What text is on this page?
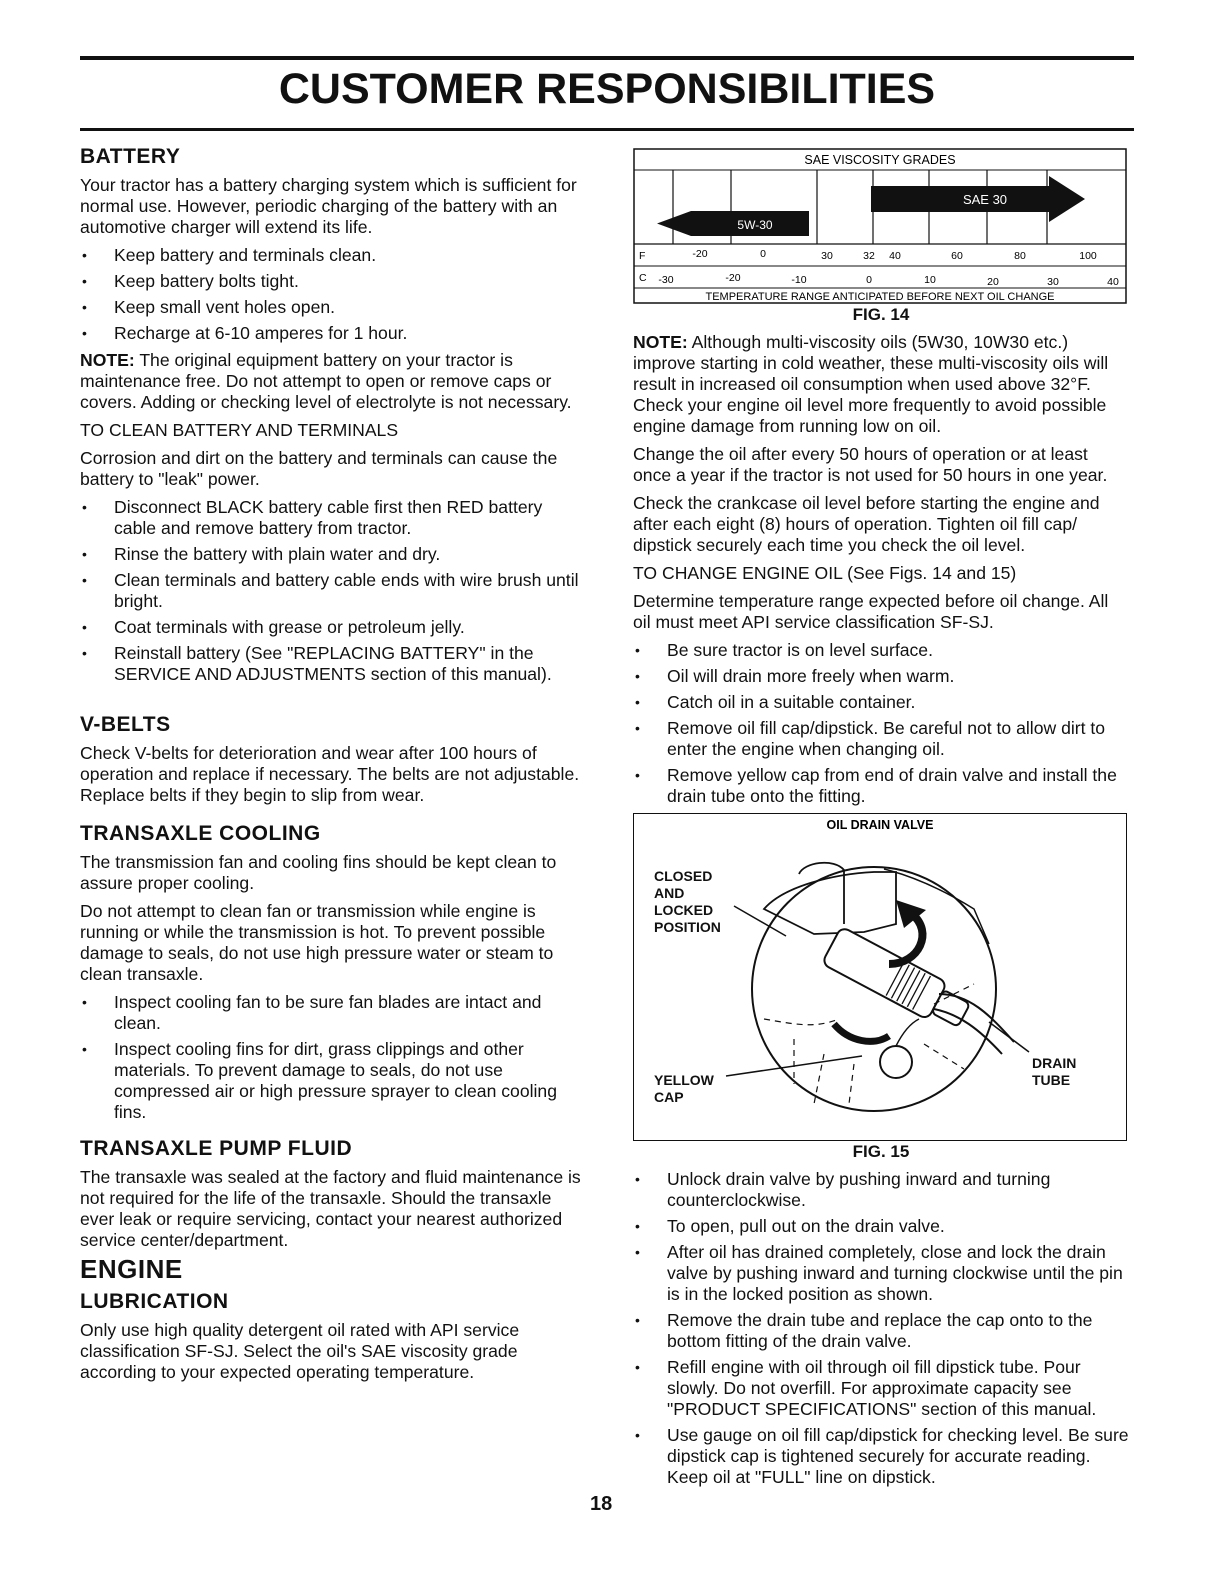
CUSTOMER RESPONSIBILITIES
BATTERY

Your tractor has a battery charging system which is sufficient for normal use. However, periodic charging of the battery with an automotive charger will extend its life.

• Keep battery and terminals clean.
• Keep battery bolts tight.
• Keep small vent holes open.
• Recharge at 6-10 amperes for 1 hour.

NOTE: The original equipment battery on your tractor is maintenance free. Do not attempt to open or remove caps or covers. Adding or checking level of electrolyte is not necessary.

TO CLEAN BATTERY AND TERMINALS

Corrosion and dirt on the battery and terminals can cause the battery to "leak" power.

• Disconnect BLACK battery cable first then RED battery cable and remove battery from tractor.
• Rinse the battery with plain water and dry.
• Clean terminals and battery cable ends with wire brush until bright.
• Coat terminals with grease or petroleum jelly.
• Reinstall battery (See "REPLACING BATTERY" in the SERVICE AND ADJUSTMENTS section of this manual).
V-BELTS

Check V-belts for deterioration and wear after 100 hours of operation and replace if necessary. The belts are not adjustable. Replace belts if they begin to slip from wear.

TRANSAXLE COOLING

The transmission fan and cooling fins should be kept clean to assure proper cooling.

Do not attempt to clean fan or transmission while engine is running or while the transmission is hot. To prevent possible damage to seals, do not use high pressure water or steam to clean transaxle.

• Inspect cooling fan to be sure fan blades are intact and clean.
• Inspect cooling fins for dirt, grass clippings and other materials. To prevent damage to seals, do not use compressed air or high pressure sprayer to clean cooling fins.
TRANSAXLE PUMP FLUID

The transaxle was sealed at the factory and fluid maintenance is not required for the life of the transaxle. Should the transaxle ever leak or require servicing, contact your nearest authorized service center/department.

ENGINE
LUBRICATION

Only use high quality detergent oil rated with API service classification SF-SJ. Select the oil's SAE viscosity grade according to your expected operating temperature.

SAE VISCOSITY GRADES
SAE 30
5W-30
F	-20	0	30	32 40	60	80	100
C -30	-20	-10	0	10	20	30	40
TEMPERATURE RANGE ANTICIPATED BEFORE NEXT OIL CHANGE

FIG. 14

NOTE: Although multi-viscosity oils (5W30, 10W30 etc.) improve starting in cold weather, these multi-viscosity oils will result in increased oil consumption when used above 32°F. Check your engine oil level more frequently to avoid possible engine damage from running low on oil.

Change the oil after every 50 hours of operation or at least once a year if the tractor is not used for 50 hours in one year.

Check the crankcase oil level before starting the engine and after each eight (8) hours of operation. Tighten oil fill cap/ dipstick securely each time you check the oil level.

TO CHANGE ENGINE OIL (See Figs. 14 and 15)

Determine temperature range expected before oil change. All oil must meet API service classification SF-SJ.

• Be sure tractor is on level surface.
• Oil will drain more freely when warm.
• Catch oil in a suitable container.
• Remove oil fill cap/dipstick. Be careful not to allow dirt to enter the engine when changing oil.
• Remove yellow cap from end of drain valve and install the drain tube onto the fitting.
OIL DRAIN VALVE
CLOSED
AND
LOCKED
POSITION
YELLOW
CAP
DRAIN
TUBE

FIG. 15

• Unlock drain valve by pushing inward and turning counterclockwise.
• To open, pull out on the drain valve.
• After oil has drained completely, close and lock the drain valve by pushing inward and turning clockwise until the pin is in the locked position as shown.
• Remove the drain tube and replace the cap onto to the bottom fitting of the drain valve.
• Refill engine with oil through oil fill dipstick tube. Pour slowly. Do not overfill. For approximate capacity see "PRODUCT SPECIFICATIONS" section of this manual.
• Use gauge on oil fill cap/dipstick for checking level. Be sure dipstick cap is tightened securely for accurate reading. Keep oil at "FULL" line on dipstick.

18
